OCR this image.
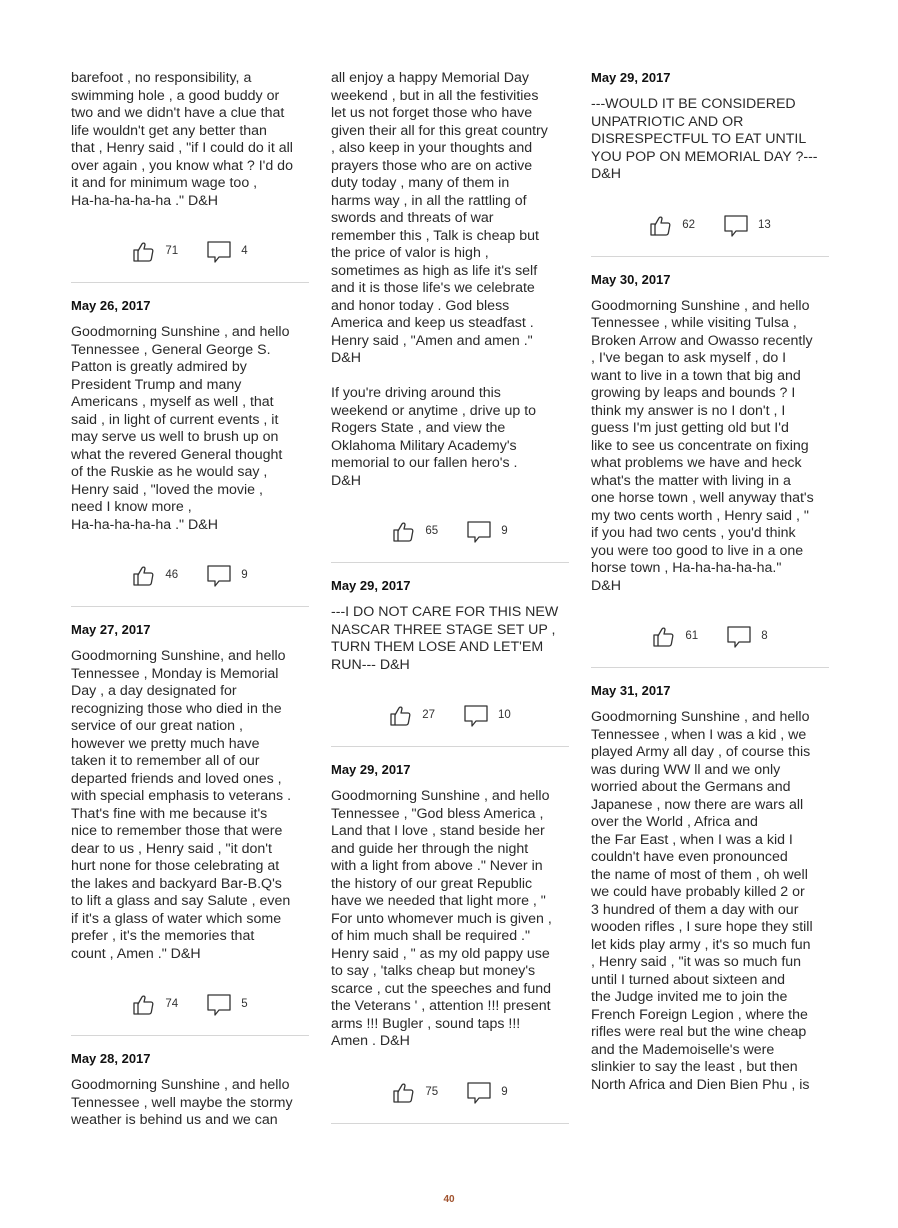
barefoot , no responsibility, a
swimming hole , a good buddy or
two and we didn't have a clue that
life wouldn't get any better than
that , Henry said , "if I could do it all
over again , you know what ? I'd do
it and for minimum wage too ,
Ha-ha-ha-ha-ha ." D&H

71	4

May 26, 2017

Goodmorning Sunshine , and hello
Tennessee , General George S.
Patton is greatly admired by
President Trump and many
Americans , myself as well , that
said , in light of current events , it
may serve us well to brush up on
what the revered General thought
of the Ruskie as he would say ,
Henry said , "loved the movie ,
need I know more ,
Ha-ha-ha-ha-ha ." D&H

46	9

May 27, 2017

Goodmorning Sunshine, and hello
Tennessee , Monday is Memorial
Day , a day designated for
recognizing those who died in the
service of our great nation ,
however we pretty much have
taken it to remember all of our
departed friends and loved ones ,
with special emphasis to veterans .
That's fine with me because it's
nice to remember those that were
dear to us , Henry said , "it don't
hurt none for those celebrating at
the lakes and backyard Bar-B.Q's
to lift a glass and say Salute , even
if it's a glass of water which some
prefer , it's the memories that
count , Amen ." D&H

74	5

May 28, 2017

Goodmorning Sunshine , and hello
Tennessee , well maybe the stormy
weather is behind us and we can

all enjoy a happy Memorial Day
weekend , but in all the festivities
let us not forget those who have
given their all for this great country
, also keep in your thoughts and
prayers those who are on active
duty today , many of them in
harms way , in all the rattling of
swords and threats of war
remember this , Talk is cheap but
the price of valor is high ,
sometimes as high as life it's self
and it is those life's we celebrate
and honor today . God bless
America and keep us steadfast .
Henry said , "Amen and amen ."
D&H

If you're driving around this
weekend or anytime , drive up to
Rogers State , and view the
Oklahoma Military Academy's
memorial to our fallen hero's .
D&H

65	9

May 29, 2017

---I DO NOT CARE FOR THIS NEW
NASCAR THREE STAGE SET UP ,
TURN THEM LOSE AND LET'EM
RUN--- D&H

27	10

May 29, 2017

Goodmorning Sunshine , and hello
Tennessee , "God bless America ,
Land that I love , stand beside her
and guide her through the night
with a light from above ." Never in
the history of our great Republic
have we needed that light more , "
For unto whomever much is given ,
of him much shall be required ."
Henry said , " as my old pappy use
to say , 'talks cheap but money's
scarce , cut the speeches and fund
the Veterans ' , attention !!! present
arms !!! Bugler , sound taps !!!
Amen . D&H

75	9

May 29, 2017

---WOULD IT BE CONSIDERED
UNPATRIOTIC AND OR
DISRESPECTFUL TO EAT UNTIL
YOU POP ON MEMORIAL DAY ?---
D&H

62	13

May 30, 2017

Goodmorning Sunshine , and hello
Tennessee , while visiting Tulsa ,
Broken Arrow and Owasso recently
, I've began to ask myself , do I
want to live in a town that big and
growing by leaps and bounds ? I
think my answer is no I don't , I
guess I'm just getting old but I'd
like to see us concentrate on fixing
what problems we have and heck
what's the matter with living in a
one horse town , well anyway that's
my two cents worth , Henry said , "
if you had two cents , you'd think
you were too good to live in a one
horse town , Ha-ha-ha-ha-ha."
D&H

61	8

May 31, 2017

Goodmorning Sunshine , and hello
Tennessee , when I was a kid , we
played Army all day , of course this
was during WW ll and we only
worried about the Germans and
Japanese , now there are wars all
over the World , Africa and
the Far East , when I was a kid I
couldn't have even pronounced
the name of most of them , oh well
we could have probably killed 2 or
3 hundred of them a day with our
wooden rifles , I sure hope they still
let kids play army , it's so much fun
, Henry said , "it was so much fun
until I turned about sixteen and
the Judge invited me to join the
French Foreign Legion , where the
rifles were real but the wine cheap
and the Mademoiselle's were
slinkier to say the least , but then
North Africa and Dien Bien Phu , is

40
